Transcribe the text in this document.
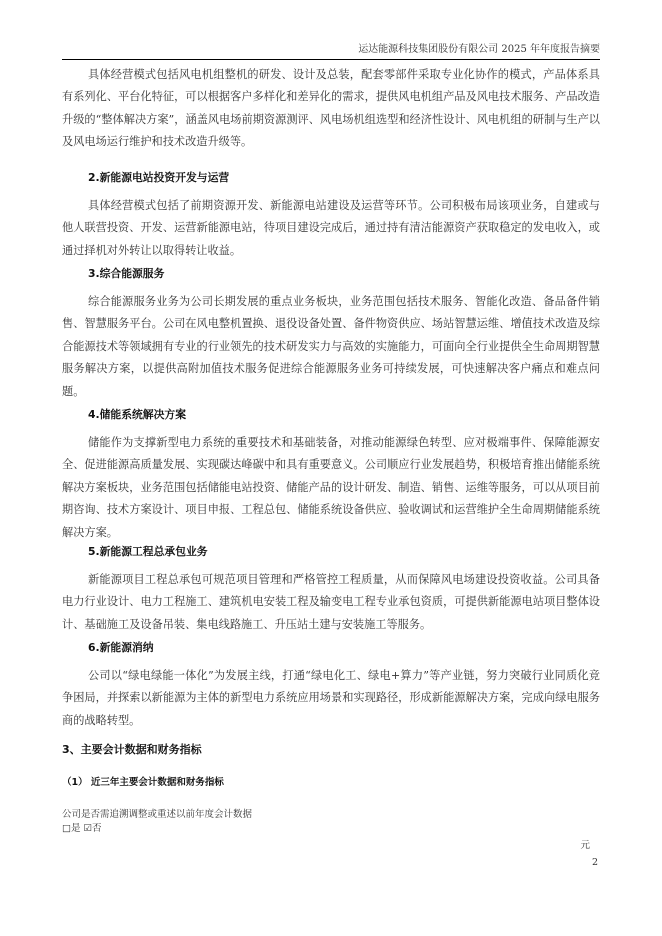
运达能源科技集团股份有限公司 2025 年年度报告摘要

具体经营模式包括风电机组整机的研发、设计及总装，配套零部件采取专业化协作的模式，产品体系具有系列化、平台化特征，可以根据客户多样化和差异化的需求，提供风电机组产品及风电技术服务、产品改造升级的“整体解决方案”，涵盖风电场前期资源测评、风电场机组选型和经济性设计、风电机组的研制与生产以及风电场运行维护和技术改造升级等。

2.新能源电站投资开发与运营

具体经营模式包括了前期资源开发、新能源电站建设及运营等环节。公司积极布局该项业务，自建或与他人联营投资、开发、运营新能源电站，待项目建设完成后，通过持有清洁能源资产获取稳定的发电收入，或通过择机对外转让以取得转让收益。

3.综合能源服务

综合能源服务业务为公司长期发展的重点业务板块，业务范围包括技术服务、智能化改造、备品备件销售、智慧服务平台。公司在风电整机置换、退役设备处置、备件物资供应、场站智慧运维、增值技术改造及综合能源技术等领域拥有专业的行业领先的技术研发实力与高效的实施能力，可面向全行业提供全生命周期智慧服务解决方案，以提供高附加值技术服务促进综合能源服务业务可持续发展，可快速解决客户痛点和难点问题。

4.储能系统解决方案

储能作为支撑新型电力系统的重要技术和基础装备，对推动能源绿色转型、应对极端事件、保障能源安全、促进能源高质量发展、实现碳达峰碳中和具有重要意义。公司顺应行业发展趋势，积极培育推出储能系统解决方案板块，业务范围包括储能电站投资、储能产品的设计研发、制造、销售、运维等服务，可以从项目前期咨询、技术方案设计、项目申报、工程总包、储能系统设备供应、验收调试和运营维护全生命周期储能系统解决方案。

5.新能源工程总承包业务

新能源项目工程总承包可规范项目管理和严格管控工程质量，从而保障风电场建设投资收益。公司具备电力行业设计、电力工程施工、建筑机电安装工程及输变电工程专业承包资质，可提供新能源电站项目整体设计、基础施工及设备吊装、集电线路施工、升压站土建与安装施工等服务。

6.新能源消纳

公司以“绿电绿能一体化”为发展主线，打通“绿电化工、绿电+算力”等产业链，努力突破行业同质化竞争困局，并探索以新能源为主体的新型电力系统应用场景和实现路径，形成新能源解决方案，完成向绿电服务商的战略转型。

3、主要会计数据和财务指标
（1） 近三年主要会计数据和财务指标
公司是否需追溯调整或重述以前年度会计数据
□是 ☑否
元
2
